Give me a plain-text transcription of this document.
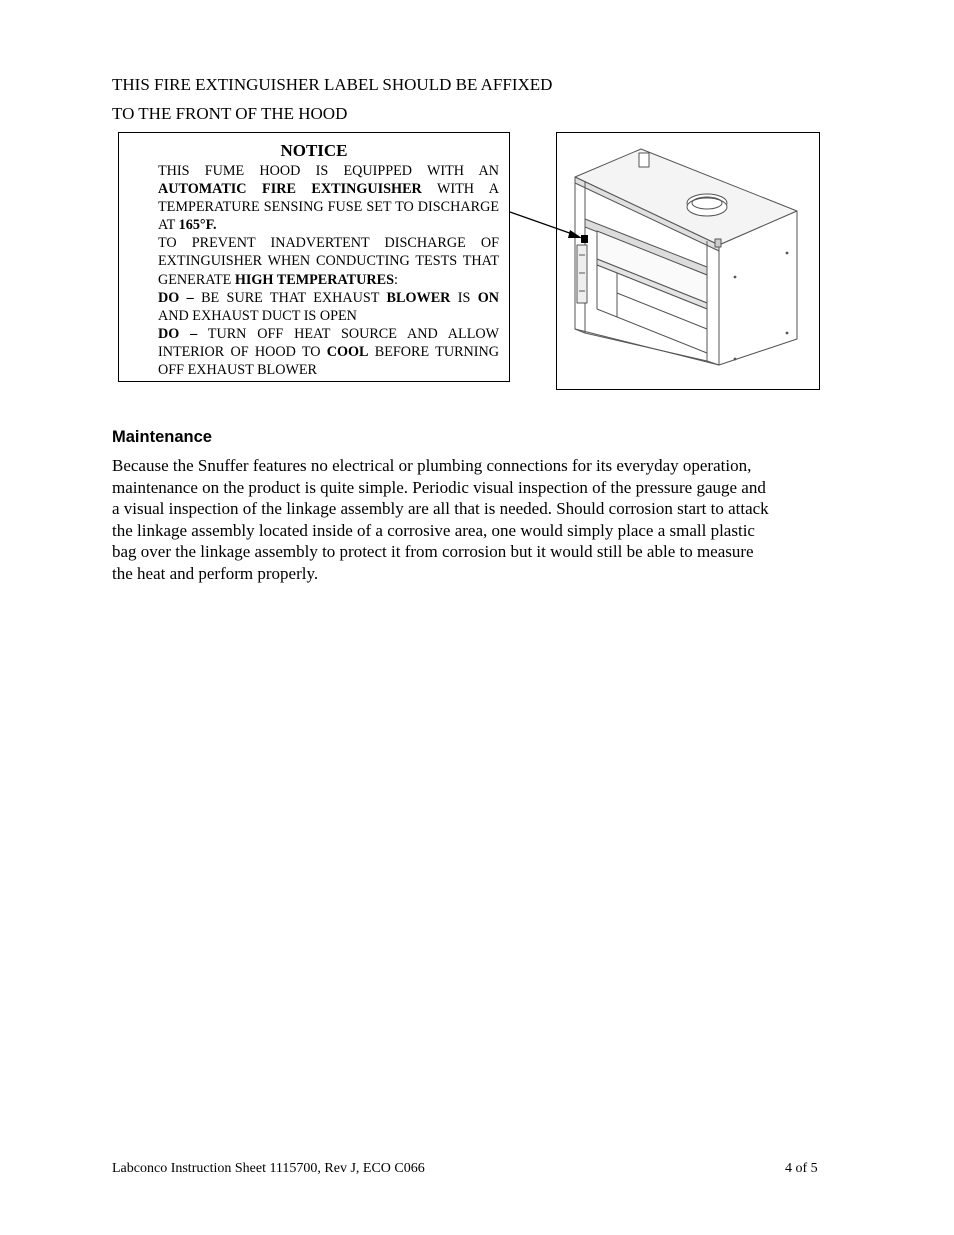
THIS FIRE EXTINGUISHER LABEL SHOULD BE AFFIXED
TO THE FRONT OF THE HOOD
NOTICE

THIS FUME HOOD IS EQUIPPED WITH AN AUTOMATIC FIRE EXTINGUISHER WITH A TEMPERATURE SENSING FUSE SET TO DISCHARGE AT 165°F.

TO PREVENT INADVERTENT DISCHARGE OF EXTINGUISHER WHEN CONDUCTING TESTS THAT GENERATE HIGH TEMPERATURES:

DO – BE SURE THAT EXHAUST BLOWER IS ON AND EXHAUST DUCT IS OPEN

DO – TURN OFF HEAT SOURCE AND ALLOW INTERIOR OF HOOD TO COOL BEFORE TURNING OFF EXHAUST BLOWER

Maintenance
Because the Snuffer features no electrical or plumbing connections for its everyday operation,
maintenance on the product is quite simple. Periodic visual inspection of the pressure gauge and
a visual inspection of the linkage assembly are all that is needed. Should corrosion start to attack
the linkage assembly located inside of a corrosive area, one would simply place a small plastic
bag over the linkage assembly to protect it from corrosion but it would still be able to measure
the heat and perform properly.
Labconco Instruction Sheet 1115700, Rev J, ECO C066	4 of 5
